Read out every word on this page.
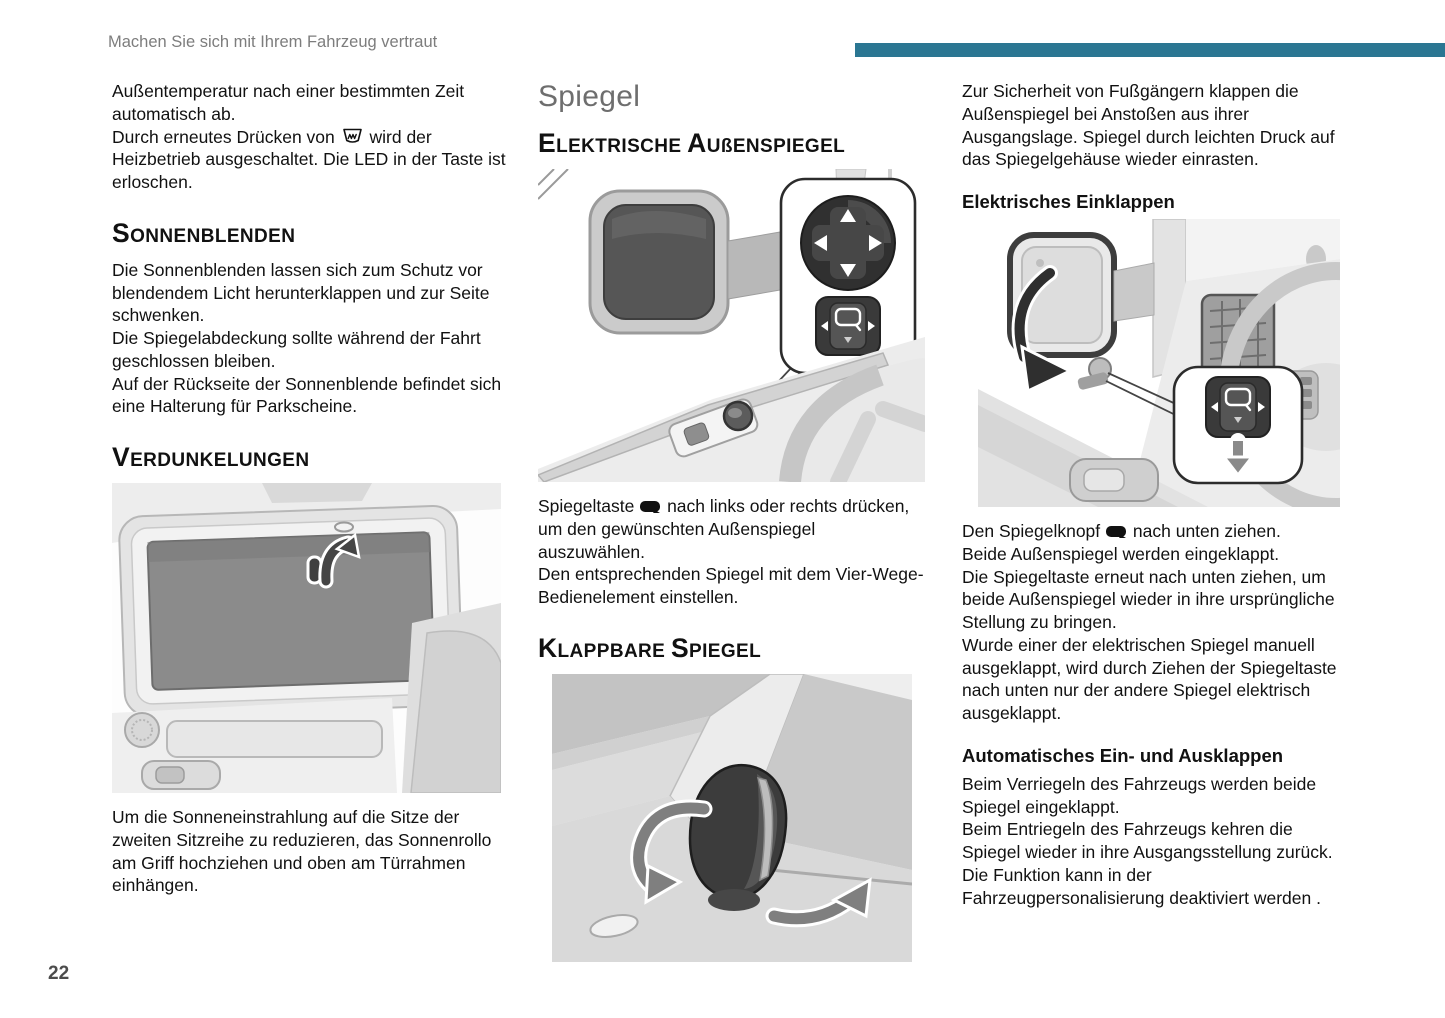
Machen Sie sich mit Ihrem Fahrzeug vertraut

Außentemperatur nach einer bestimmten Zeit automatisch ab.
Durch erneutes Drücken von wird der Heizbetrieb ausgeschaltet. Die LED in der Taste ist erloschen.

SONNENBLENDEN

Die Sonnenblenden lassen sich zum Schutz vor blendendem Licht herunterklappen und zur Seite schwenken.
Die Spiegelabdeckung sollte während der Fahrt geschlossen bleiben.
Auf der Rückseite der Sonnenblende befindet sich eine Halterung für Parkscheine.

VERDUNKELUNGEN

Um die Sonneneinstrahlung auf die Sitze der zweiten Sitzreihe zu reduzieren, das Sonnenrollo am Griff hochziehen und oben am Türrahmen einhängen.

Spiegel
ELEKTRISCHE AUßENSPIEGEL

Spiegeltaste nach links oder rechts drücken, um den gewünschten Außenspiegel auszuwählen.
Den entsprechenden Spiegel mit dem Vier-Wege-Bedienelement einstellen.

KLAPPBARE SPIEGEL

Zur Sicherheit von Fußgängern klappen die Außenspiegel bei Anstoßen aus ihrer Ausgangslage. Spiegel durch leichten Druck auf das Spiegelgehäuse wieder einrasten.

Elektrisches Einklappen

Den Spiegelknopf nach unten ziehen.

Beide Außenspiegel werden eingeklappt.
Die Spiegeltaste erneut nach unten ziehen, um beide Außenspiegel wieder in ihre ursprüngliche Stellung zu bringen.
Wurde einer der elektrischen Spiegel manuell ausgeklappt, wird durch Ziehen der Spiegeltaste nach unten nur der andere Spiegel elektrisch ausgeklappt.

Automatisches Ein- und Ausklappen

Beim Verriegeln des Fahrzeugs werden beide Spiegel eingeklappt.
Beim Entriegeln des Fahrzeugs kehren die Spiegel wieder in ihre Ausgangsstellung zurück.
Die Funktion kann in der Fahrzeugpersonalisierung deaktiviert werden .

22
